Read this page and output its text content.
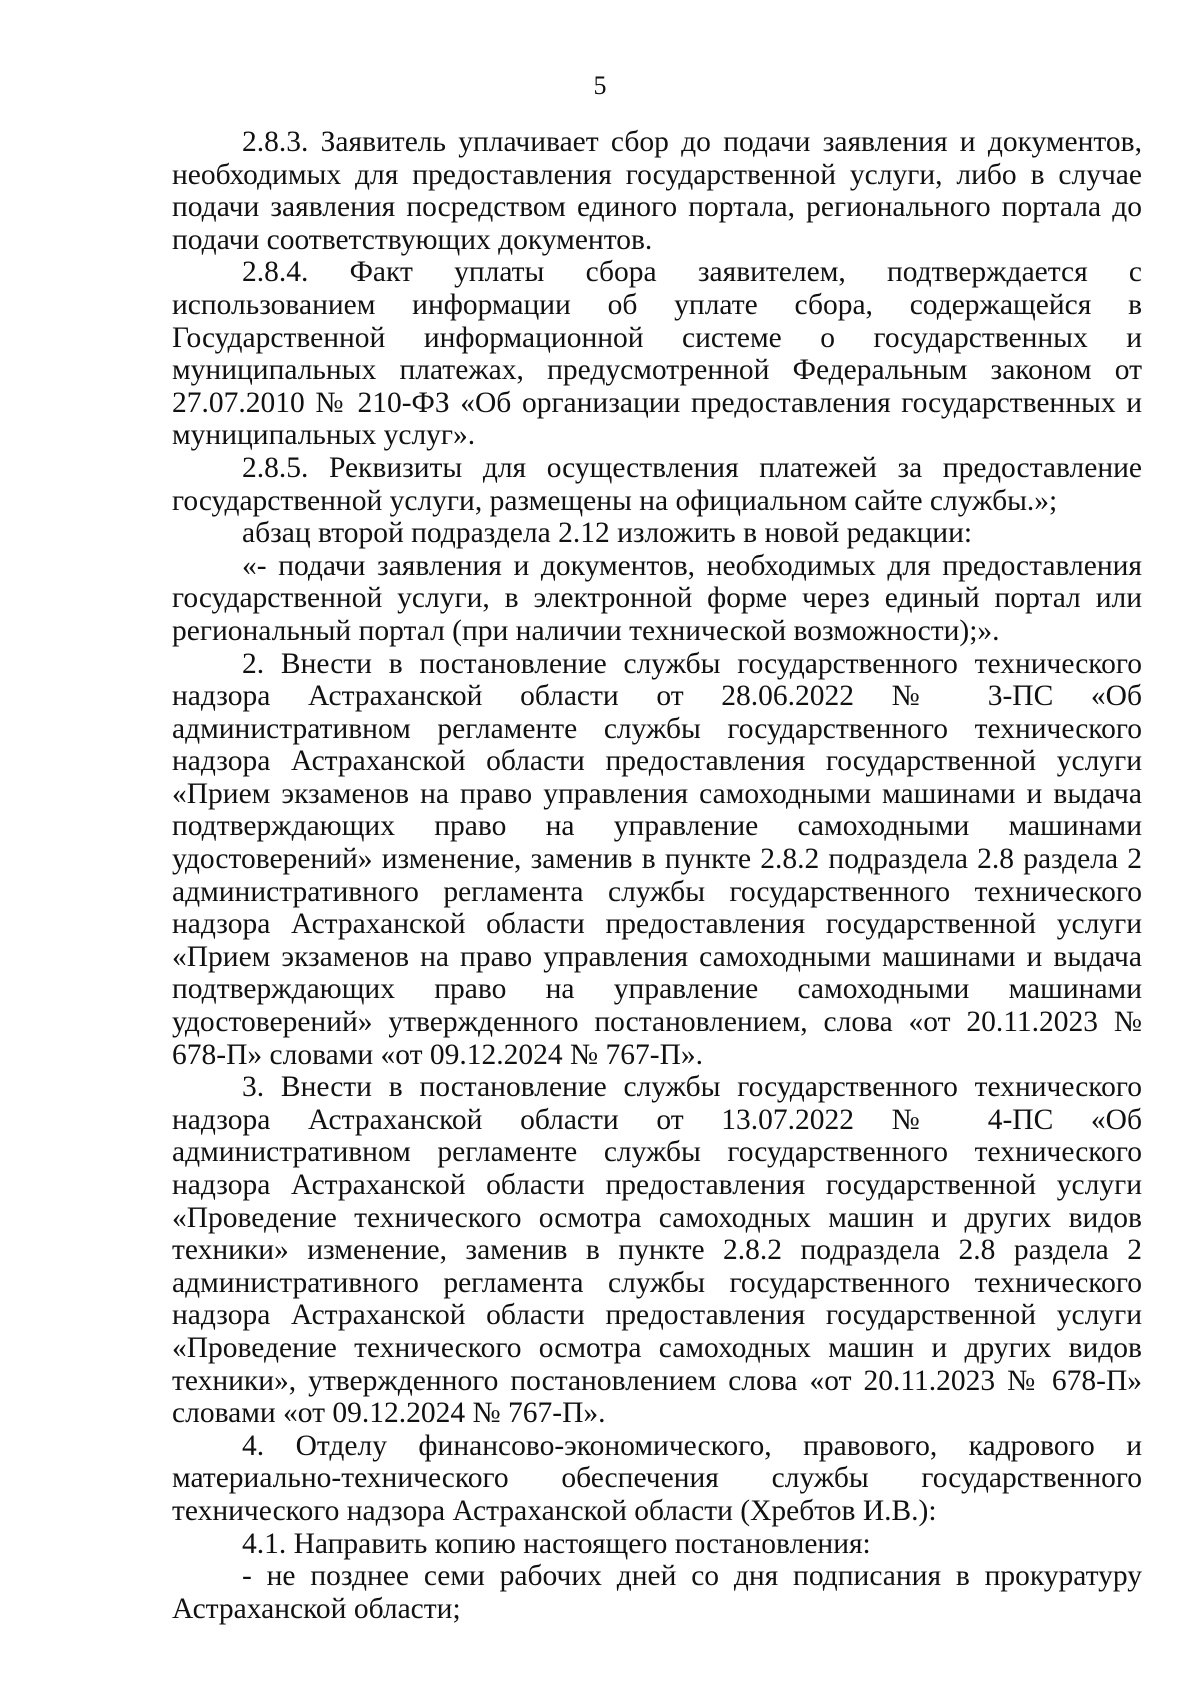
5

2.8.3. Заявитель уплачивает сбор до подачи заявления и документов, необходимых для предоставления государственной услуги, либо в случае подачи заявления посредством единого портала, регионального портала до подачи соответствующих документов.

2.8.4. Факт уплаты сбора заявителем, подтверждается с использованием информации об уплате сбора, содержащейся в Государственной информационной системе о государственных и муниципальных платежах, предусмотренной Федеральным законом от 27.07.2010 № 210-ФЗ «Об организации предоставления государственных и муниципальных услуг».

2.8.5. Реквизиты для осуществления платежей за предоставление государственной услуги, размещены на официальном сайте службы.»;

абзац второй подраздела 2.12 изложить в новой редакции:

«- подачи заявления и документов, необходимых для предоставления государственной услуги, в электронной форме через единый портал или региональный портал (при наличии технической возможности);».

2. Внести в постановление службы государственного технического надзора Астраханской области от 28.06.2022 № 3-ПС «Об административном регламенте службы государственного технического надзора Астраханской области предоставления государственной услуги «Прием экзаменов на право управления самоходными машинами и выдача подтверждающих право на управление самоходными машинами удостоверений» изменение, заменив в пункте 2.8.2 подраздела 2.8 раздела 2 административного регламента службы государственного технического надзора Астраханской области предоставления государственной услуги «Прием экзаменов на право управления самоходными машинами и выдача подтверждающих право на управление самоходными машинами удостоверений» утвержденного постановлением, слова «от 20.11.2023 № 678-П» словами «от 09.12.2024 № 767-П».

3. Внести в постановление службы государственного технического надзора Астраханской области от 13.07.2022 № 4-ПС «Об административном регламенте службы государственного технического надзора Астраханской области предоставления государственной услуги «Проведение технического осмотра самоходных машин и других видов техники» изменение, заменив в пункте 2.8.2 подраздела 2.8 раздела 2 административного регламента службы государственного технического надзора Астраханской области предоставления государственной услуги «Проведение технического осмотра самоходных машин и других видов техники», утвержденного постановлением слова «от 20.11.2023 № 678-П» словами «от 09.12.2024 № 767-П».

4. Отделу финансово-экономического, правового, кадрового и материально-технического обеспечения службы государственного технического надзора Астраханской области (Хребтов И.В.):

4.1. Направить копию настоящего постановления:

- не позднее семи рабочих дней со дня подписания в прокуратуру Астраханской области;
